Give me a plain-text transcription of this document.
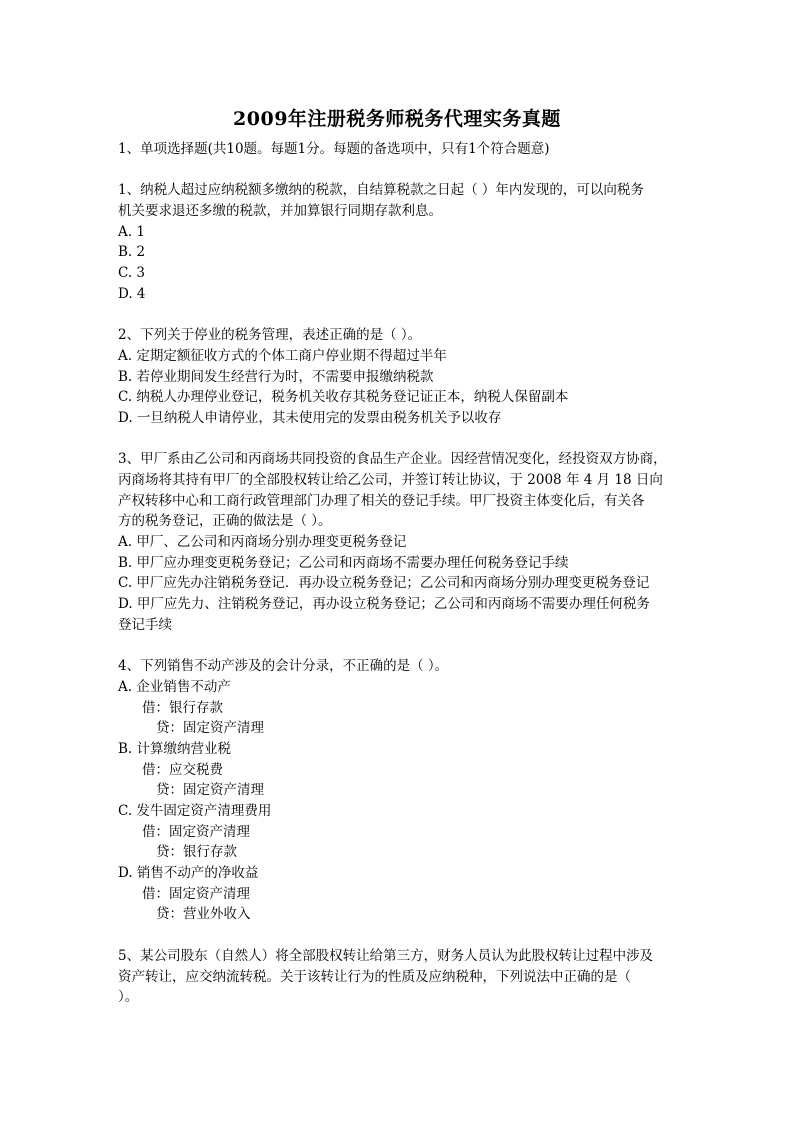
2009年注册税务师税务代理实务真题
1、单项选择题(共10题。每题1分。每题的备选项中，只有1个符合题意)
1、纳税人超过应纳税额多缴纳的税款，自结算税款之日起（ ）年内发现的，可以向税务
机关要求退还多缴的税款，并加算银行同期存款利息。
A. 1
B. 2
C. 3
D. 4
2、下列关于停业的税务管理，表述正确的是（ ）。
A. 定期定额征收方式的个体工商户停业期不得超过半年
B. 若停业期间发生经营行为时，不需要申报缴纳税款
C. 纳税人办理停业登记，税务机关收存其税务登记证正本，纳税人保留副本
D. 一旦纳税人申请停业，其未使用完的发票由税务机关予以收存
3、甲厂系由乙公司和丙商场共同投资的食品生产企业。因经营情况变化，经投资双方协商，
丙商场将其持有甲厂的全部股权转让给乙公司，并签订转让协议，于 2008 年 4 月 18 日向
产权转移中心和工商行政管理部门办理了相关的登记手续。甲厂投资主体变化后，有关各
方的税务登记，正确的做法是（ ）。
A. 甲厂、乙公司和丙商场分别办理变更税务登记
B. 甲厂应办理变更税务登记；乙公司和丙商场不需要办理任何税务登记手续
C. 甲厂应先办注销税务登记．再办设立税务登记；乙公司和丙商场分别办理变更税务登记
D. 甲厂应先力、注销税务登记，再办设立税务登记；乙公司和丙商场不需要办理任何税务
登记手续
4、下列销售不动产涉及的会计分录，不正确的是（ ）。
A. 企业销售不动产
借：银行存款
贷：固定资产清理
B. 计算缴纳营业税
借：应交税费
贷：固定资产清理
C. 发牛固定资产清理费用
借：固定资产清理
贷：银行存款
D. 销售不动产的净收益
借：固定资产清理
贷：营业外收入
5、某公司股东（自然人）将全部股权转让给第三方，财务人员认为此股权转让过程中涉及
资产转让，应交纳流转税。关于该转让行为的性质及应纳税种，下列说法中正确的是（
）。
